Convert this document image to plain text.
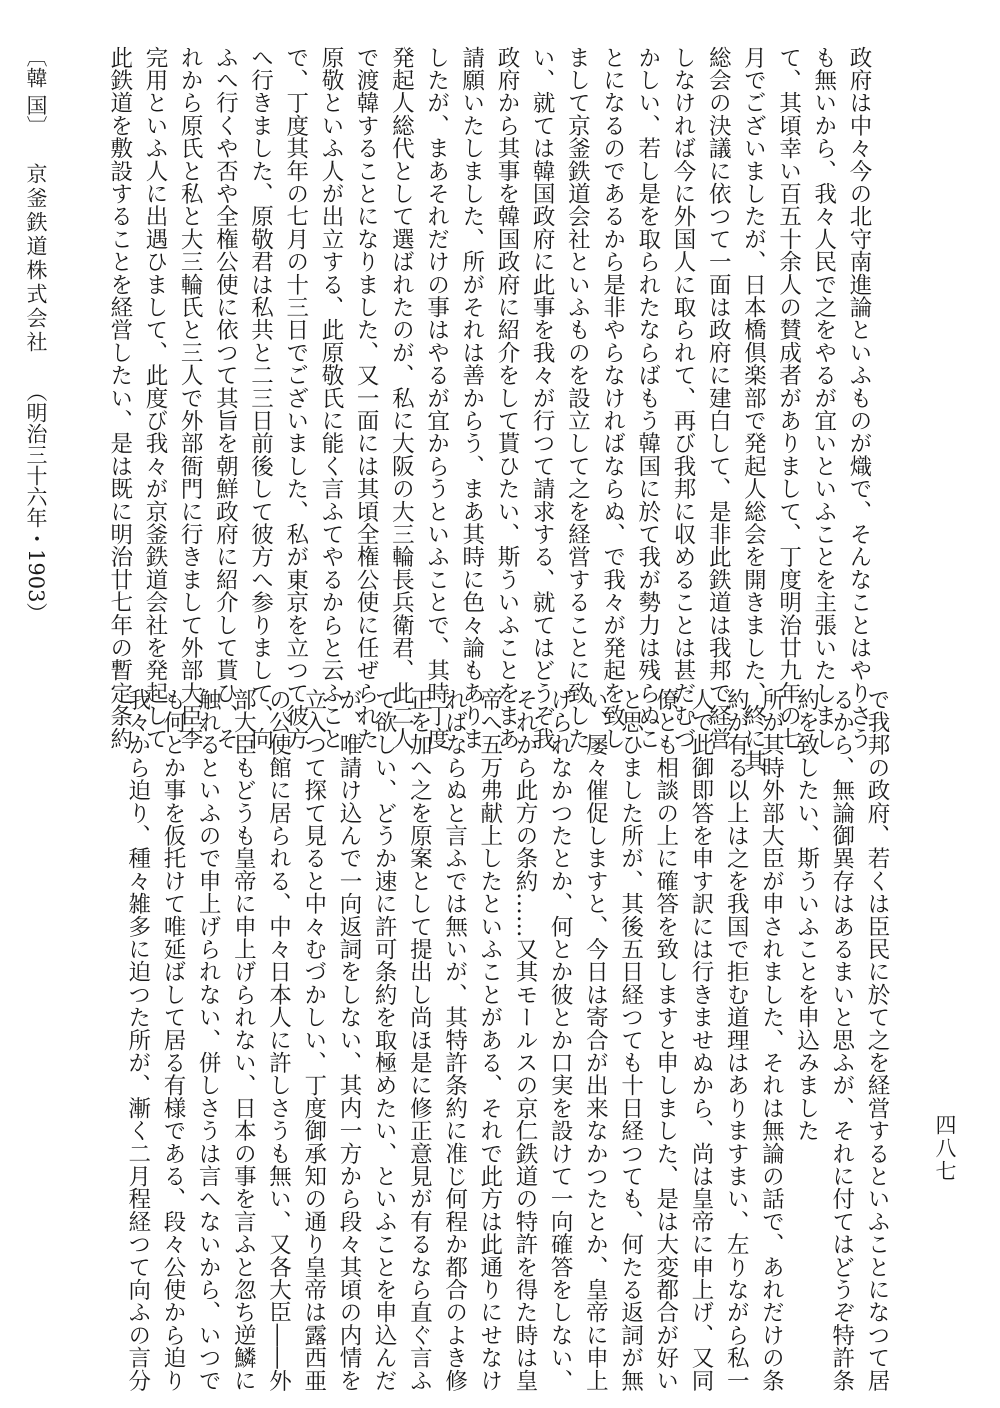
政府は中々今の北守南進論といふものが熾で、そんなことはやりさう
も無いから、我々人民で之をやるが宜いといふことを主張いたしまし
て、其頃幸い百五十余人の賛成者がありまして、丁度明治廿九年の七
月でございましたが、日本橋倶楽部で発起人総会を開きました、終に其
総会の決議に依つて一面は政府に建白して、是非此鉄道は我邦で経営
しなければ今に外国人に取られて、再び我邦に収めることは甚だむづ
かしい、若し是を取られたならばもう韓国に於て我が勢力は残らぬこ
とになるのであるから是非やらなければならぬ、で我々が発起を致し
まして京釜鉄道会社といふものを設立して之を経営することに致した
い、就ては韓国政府に此事を我々が行つて請求する、就てはどうぞ我
政府から其事を韓国政府に紹介をして貰ひたい、斯ういふことをまあ
請願いたしました、所がそれは善からう、まあ其時に色々論もありま
したが、まあそれだけの事はやるが宜からうといふことで、其時丁度
発起人総代として選ばれたのが、私に大阪の大三輪長兵衛君、此二人
で渡韓することになりました、又一面には其頃全権公使に任ぜられた
原敬といふ人が出立する、此原敬氏に能く言ふてやるからと云ふこと
で、丁度其年の七月の十三日でございました、私が東京を立つて彼方
へ行きました、原敬君は私共と二三日前後して彼方へ参りまして、向
ふへ行くや否や全権公使に依つて其旨を朝鮮政府に紹介して貰ひ、そ
れから原氏と私と大三輪氏と三人で外部衙門に行きまして外部大臣李
完用といふ人に出遇ひまして、此度び我々が京釜鉄道会社を発起して
此鉄道を敷設することを経営したい、是は既に明治廿七年の暫定条約
で我邦の政府、若くは臣民に於て之を経営するといふことになつて居
るから、無論御異存はあるまいと思ふが、それに付てはどうぞ特許条
約を致したい、斯ういふことを申込みました
所が其時外部大臣が申されました、それは無論の話で、あれだけの条
約が有る以上は之を我国で拒む道理はありますまい、左りながら私一
人で此御即答を申す訳には行きませぬから、尚は皇帝に申上げ、又同
僚とも相談の上に確答を致しますと申しました、是は大変都合が好い
と思ひました所が、其後五日経つても十日経つても、何たる返詞が無
い、屡々催促しますと、今日は寄合が出来なかつたとか、皇帝に申上
げられなかつたとか、何とか彼とか口実を設けて一向確答をしない、
それから此方の条約……又其モールスの京仁鉄道の特許を得た時は皇
帝へ五万弗献上したといふことがある、それで此方は此通りにせなけ
ればならぬと言ふでは無いが、其特許条約に准じ何程か都合のよき修
正を加へ之を原案として提出し尚ほ是に修正意見が有るなら直ぐ言ふ
て欲しい、どうか速に許可条約を取極めたい、といふことを申込んだ
が、唯請け込んで一向返詞をしない、其内一方から段々其頃の内情を
立入つて探て見ると中々むづかしい、丁度御承知の通り皇帝は露西亜
の公使館に居られる、中々日本人に許しさうも無い、又各大臣――外
部大臣もどうも皇帝に申上げられない、日本の事を言ふと忽ち逆鱗に
触れるといふので申上げられない、併しさうは言へないから、いつで
も何とか事を仮托けて唯延ばして居る有様である、段々公使から迫り
我々から迫り、種々雑多に迫つた所が、漸く二月程経つて向ふの言分
〔韓 国〕
京釜鉄道株式会社
（明治三十六年・1903）
四八七
